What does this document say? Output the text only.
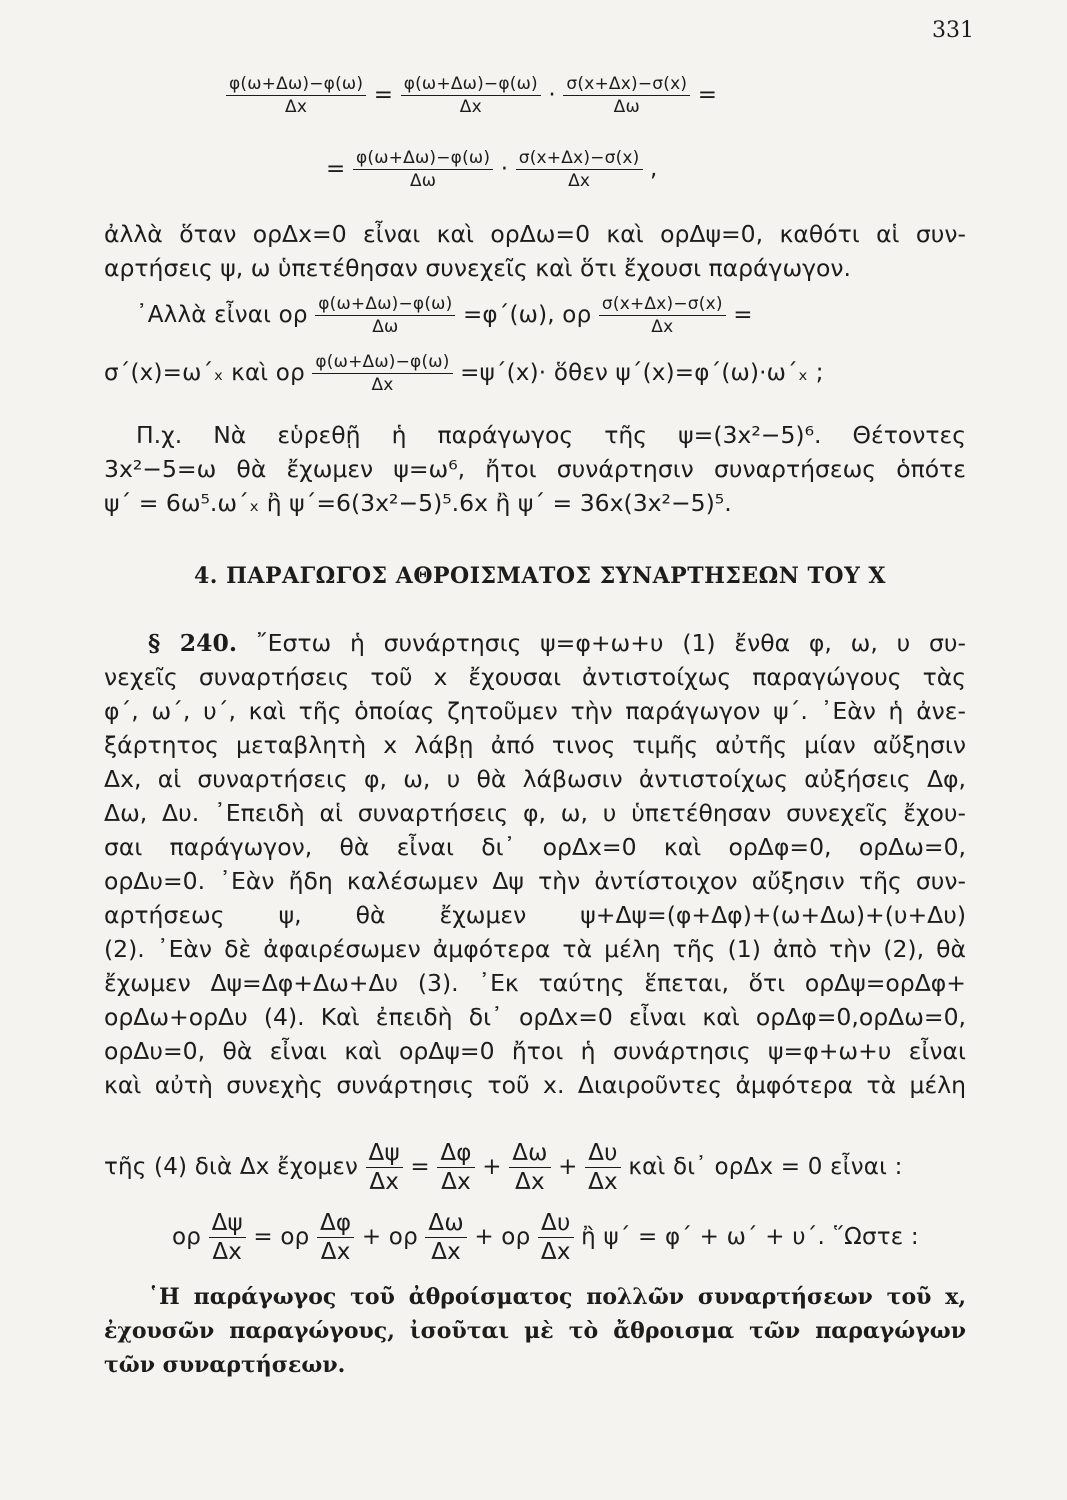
331
$\frac{\varphi(\omega+\Delta\omega)-\varphi(\omega)}{\Delta x} = \frac{\varphi(\omega+\Delta\omega)-\varphi(\omega)}{\Delta x} \cdot \frac{\sigma(x+\Delta x)-\sigma(x)}{\Delta\omega}$ =
= $\frac{\varphi(\omega+\Delta\omega)-\varphi(\omega)}{\Delta\omega} \cdot \frac{\sigma(x+\Delta x)-\sigma(x)}{\Delta x}$ ,
ἀλλὰ ὅταν ορΔx=0 εἶναι καὶ ορΔω=0 καὶ ορΔψ=0, καθότι αἱ συν-
αρτήσεις ψ, ω ὑπετέθησαν συνεχεῖς καὶ ὅτι ἔχουσι παράγωγον.
᾿Αλλὰ εἶναι ορ $\frac{\varphi(\omega+\Delta\omega)-\varphi(\omega)}{\Delta\omega} =\varphi΄(\omega)$, ορ $\frac{\sigma(x+\Delta x)-\sigma(x)}{\Delta x}$ =
σ΄(x)=ω΄ₓ καὶ ορ $\frac{\varphi(\omega+\Delta\omega)-\varphi(\omega)}{\Delta x} =\psi΄(x)\cdot$ ὅθεν ψ΄(x)=φ΄(ω)·ω΄ₓ ;
Π.χ. Νὰ εὑρεθῇ ἡ παράγωγος τῆς ψ=(3x²−5)⁶. Θέτοντες
3x²−5=ω θὰ ἔχωμεν ψ=ω⁶, ἤτοι συνάρτησιν συναρτήσεως ὁπότε
ψ΄ = 6ω⁵.ω΄ₓ ἢ ψ΄=6(3x²−5)⁵.6x ἢ ψ΄ = 36x(3x²−5)⁵.
4. ΠΑΡΑΓΩΓΟΣ ΑΘΡΟΙΣΜΑΤΟΣ ΣΥΝΑΡΤΗΣΕΩΝ ΤΟΥ X
§ 240. ῎Εστω ἡ συνάρτησις ψ=φ+ω+υ (1) ἔνθα φ, ω, υ συ-
νεχεῖς συναρτήσεις τοῦ x ἔχουσαι ἀντιστοίχως παραγώγους τὰς
φ΄, ω΄, υ΄, καὶ τῆς ὁποίας ζητοῦμεν τὴν παράγωγον ψ΄. ᾿Εὰν ἡ ἀνε-
ξάρτητος μεταβλητὴ x λάβῃ ἀπό τινος τιμῆς αὐτῆς μίαν αὔξησιν
Δx, αἱ συναρτήσεις φ, ω, υ θὰ λάβωσιν ἀντιστοίχως αὐξήσεις Δφ,
Δω, Δυ. ᾿Επειδὴ αἱ συναρτήσεις φ, ω, υ ὑπετέθησαν συνεχεῖς ἔχου-
σαι παράγωγον, θὰ εἶναι δι᾿ ορΔx=0 καὶ ορΔφ=0, ορΔω=0,
ορΔυ=0. ᾿Εὰν ἤδη καλέσωμεν Δψ τὴν ἀντίστοιχον αὔξησιν τῆς συν-
αρτήσεως ψ, θὰ ἔχωμεν ψ+Δψ=(φ+Δφ)+(ω+Δω)+(υ+Δυ)
(2). ᾿Εὰν δὲ ἀφαιρέσωμεν ἀμφότερα τὰ μέλη τῆς (1) ἀπὸ τὴν (2), θὰ
ἔχωμεν Δψ=Δφ+Δω+Δυ (3). ᾿Εκ ταύτης ἕπεται, ὅτι ορΔψ=ορΔφ+
ορΔω+ορΔυ (4). Καὶ ἐπειδὴ δι᾿ ορΔx=0 εἶναι καὶ ορΔφ=0,ορΔω=0,
ορΔυ=0, θὰ εἶναι καὶ ορΔψ=0 ἤτοι ἡ συνάρτησις ψ=φ+ω+υ εἶναι
καὶ αὐτὴ συνεχὴς συνάρτησις τοῦ x. Διαιροῦντες ἀμφότερα τὰ μέλη
τῆς (4) διὰ Δx ἔχομεν $\frac{\Delta\psi}{\Delta x} = \frac{\Delta\varphi}{\Delta x} + \frac{\Delta\omega}{\Delta x} + \frac{\Delta\upsilon}{\Delta x}$ καὶ δι᾿ ορΔx = 0 εἶναι :
ορ $\frac{\Delta\psi}{\Delta x} = o\rho \frac{\Delta\varphi}{\Delta x} + o\rho \frac{\Delta\omega}{\Delta x} + o\rho \frac{\Delta\upsilon}{\Delta x}$ ἢ ψ΄ = φ΄ + ω΄ + υ΄. ῞Ωστε :
῾Η παράγωγος τοῦ ἀθροίσματος πολλῶν συναρτήσεων τοῦ x,
ἐχουσῶν παραγώγους, ἰσοῦται μὲ τὸ ἄθροισμα τῶν παραγώγων
τῶν συναρτήσεων.
